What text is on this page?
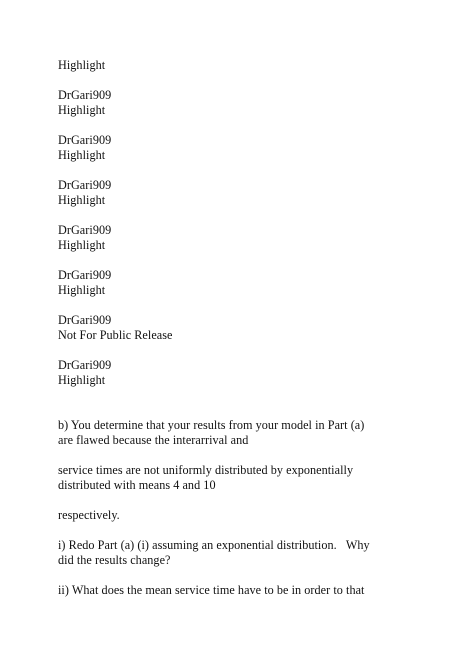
Highlight
DrGari909
Highlight
DrGari909
Highlight
DrGari909
Highlight
DrGari909
Highlight
DrGari909
Highlight
DrGari909
Not For Public Release
DrGari909
Highlight
b) You determine that your results from your model in Part (a)
are flawed because the interarrival and
service times are not uniformly distributed by exponentially
distributed with means 4 and 10
respectively.
i) Redo Part (a) (i) assuming an exponential distribution.   Why
did the results change?
ii) What does the mean service time have to be in order to that
